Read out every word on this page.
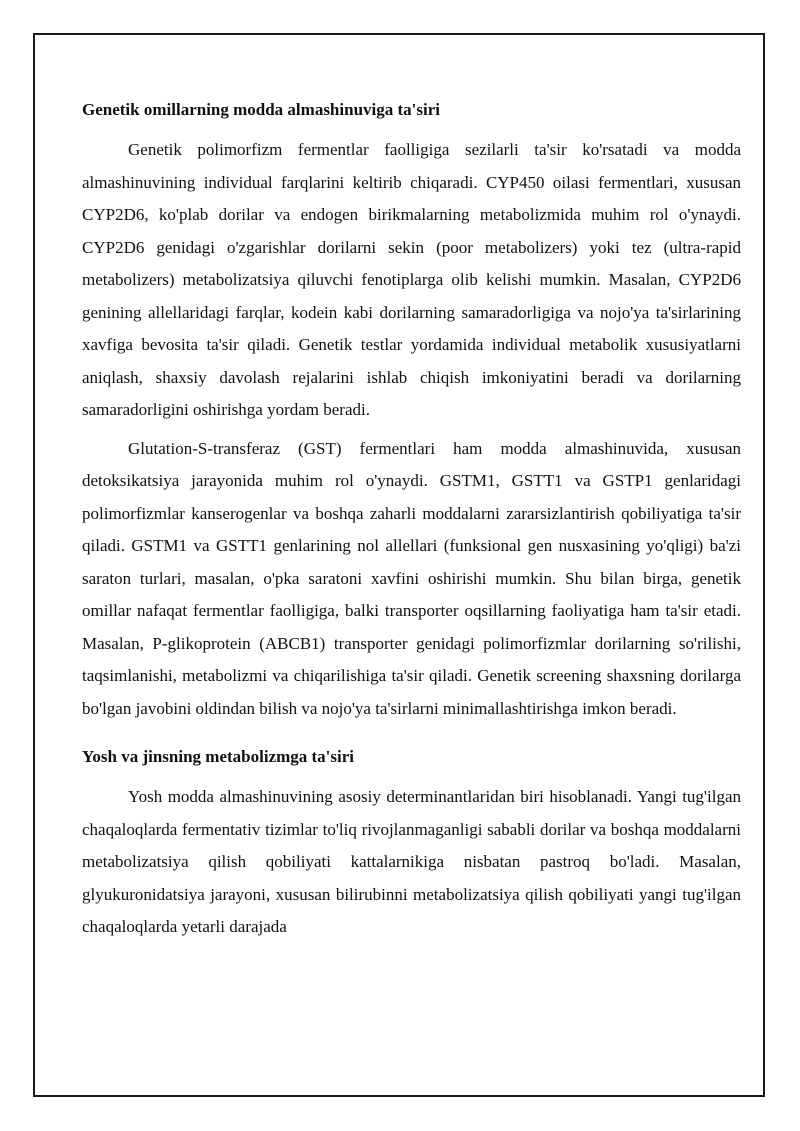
Genetik omillarning modda almashinuviga ta'siri

Genetik polimorfizm fermentlar faolligiga sezilarli ta'sir ko'rsatadi va modda almashinuvining individual farqlarini keltirib chiqaradi. CYP450 oilasi fermentlari, xususan CYP2D6, ko'plab dorilar va endogen birikmalarning metabolizmida muhim rol o'ynaydi. CYP2D6 genidagi o'zgarishlar dorilarni sekin (poor metabolizers) yoki tez (ultra-rapid metabolizers) metabolizatsiya qiluvchi fenotiplarga olib kelishi mumkin. Masalan, CYP2D6 genining allellaridagi farqlar, kodein kabi dorilarning samaradorligiga va nojo'ya ta'sirlarining xavfiga bevosita ta'sir qiladi. Genetik testlar yordamida individual metabolik xususiyatlarni aniqlash, shaxsiy davolash rejalarini ishlab chiqish imkoniyatini beradi va dorilarning samaradorligini oshirishga yordam beradi.

Glutation-S-transferaz (GST) fermentlari ham modda almashinuvida, xususan detoksikatsiya jarayonida muhim rol o'ynaydi. GSTM1, GSTT1 va GSTP1 genlaridagi polimorfizmlar kanserogenlar va boshqa zaharli moddalarni zararsizlantirish qobiliyatiga ta'sir qiladi. GSTM1 va GSTT1 genlarining nol allellari (funksional gen nusxasining yo'qligi) ba'zi saraton turlari, masalan, o'pka saratoni xavfini oshirishi mumkin. Shu bilan birga, genetik omillar nafaqat fermentlar faolligiga, balki transporter oqsillarning faoliyatiga ham ta'sir etadi. Masalan, P-glikoprotein (ABCB1) transporter genidagi polimorfizmlar dorilarning so'rilishi, taqsimlanishi, metabolizmi va chiqarilishiga ta'sir qiladi. Genetik screening shaxsning dorilarga bo'lgan javobini oldindan bilish va nojo'ya ta'sirlarni minimallashtirishga imkon beradi.

Yosh va jinsning metabolizmga ta'siri

Yosh modda almashinuvining asosiy determinantlaridan biri hisoblanadi. Yangi tug'ilgan chaqaloqlarda fermentativ tizimlar to'liq rivojlanmaganligi sababli dorilar va boshqa moddalarni metabolizatsiya qilish qobiliyati kattalarnikiga nisbatan pastroq bo'ladi. Masalan, glyukuronidatsiya jarayoni, xususan bilirubinni metabolizatsiya qilish qobiliyati yangi tug'ilgan chaqaloqlarda yetarli darajada
